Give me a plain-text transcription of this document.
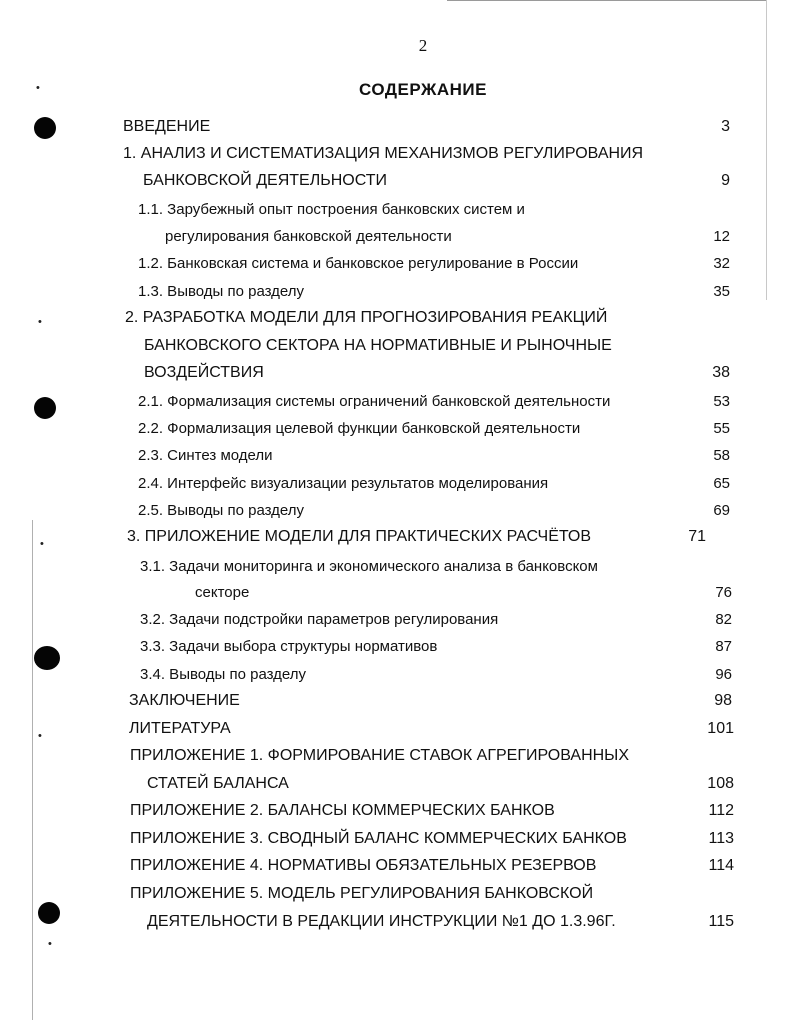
•
•
•
•
•
2
СОДЕРЖАНИЕ
ВВЕДЕНИЕ	3
1. АНАЛИЗ И СИСТЕМАТИЗАЦИЯ МЕХАНИЗМОВ РЕГУЛИРОВАНИЯ
БАНКОВСКОЙ ДЕЯТЕЛЬНОСТИ	9
1.1. Зарубежный опыт построения банковских систем и
регулирования банковской деятельности	12
1.2. Банковская система и банковское регулирование в России	32
1.3. Выводы по разделу	35
2. РАЗРАБОТКА МОДЕЛИ ДЛЯ ПРОГНОЗИРОВАНИЯ РЕАКЦИЙ
БАНКОВСКОГО СЕКТОРА НА НОРМАТИВНЫЕ И РЫНОЧНЫЕ
ВОЗДЕЙСТВИЯ	38
2.1. Формализация системы ограничений банковской деятельности	53
2.2. Формализация целевой функции банковской деятельности	55
2.3. Синтез модели	58
2.4. Интерфейс визуализации результатов моделирования	65
2.5. Выводы по разделу	69
3. ПРИЛОЖЕНИЕ МОДЕЛИ ДЛЯ ПРАКТИЧЕСКИХ РАСЧЁТОВ	71
3.1. Задачи мониторинга и экономического анализа в банковском
секторе	76
3.2. Задачи подстройки параметров регулирования	82
3.3. Задачи выбора структуры нормативов	87
3.4. Выводы по разделу	96
ЗАКЛЮЧЕНИЕ	98
ЛИТЕРАТУРА	101
ПРИЛОЖЕНИЕ 1. ФОРМИРОВАНИЕ СТАВОК АГРЕГИРОВАННЫХ
СТАТЕЙ БАЛАНСА	108
ПРИЛОЖЕНИЕ 2. БАЛАНСЫ КОММЕРЧЕСКИХ БАНКОВ	112
ПРИЛОЖЕНИЕ 3. СВОДНЫЙ БАЛАНС КОММЕРЧЕСКИХ БАНКОВ	113
ПРИЛОЖЕНИЕ 4. НОРМАТИВЫ ОБЯЗАТЕЛЬНЫХ РЕЗЕРВОВ	114
ПРИЛОЖЕНИЕ 5. МОДЕЛЬ РЕГУЛИРОВАНИЯ БАНКОВСКОЙ
ДЕЯТЕЛЬНОСТИ В РЕДАКЦИИ ИНСТРУКЦИИ №1 ДО 1.3.96Г.	115
